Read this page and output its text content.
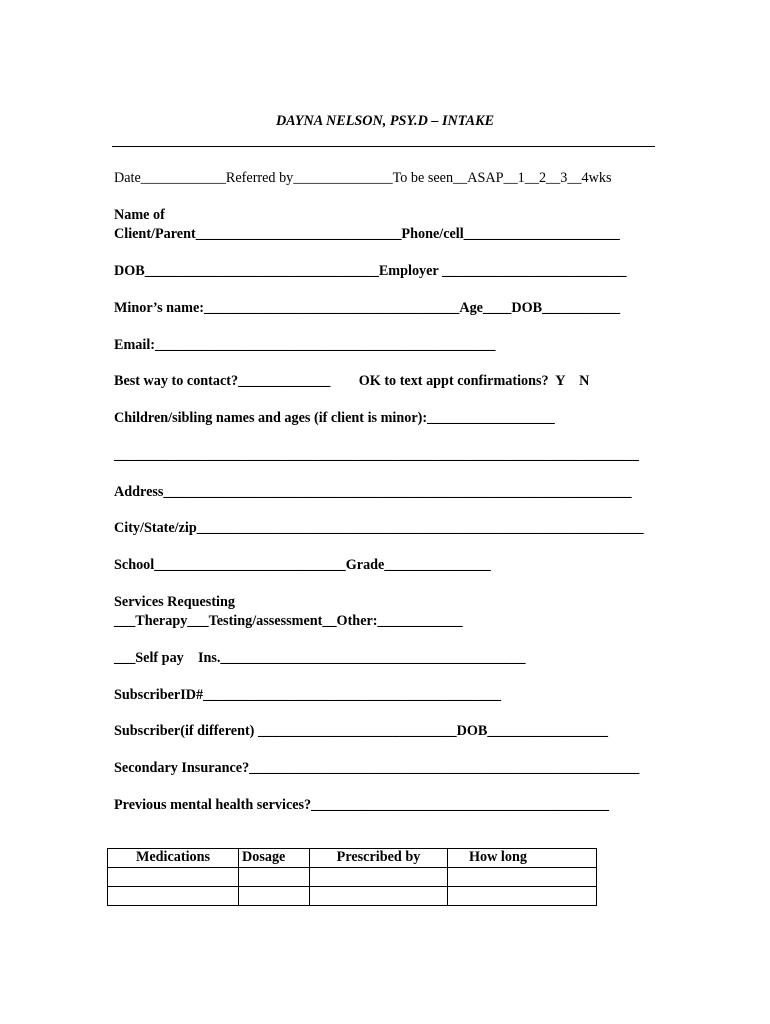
DAYNA NELSON, PSY.D – INTAKE
Date____________Referred by______________To be seen__ASAP__1__2__3__4wks
Name of
Client/Parent_____________________________Phone/cell______________________
DOB_________________________________Employer __________________________
Minor’s name:____________________________________Age____DOB___________
Email:________________________________________________
Best way to contact?_____________        OK to text appt confirmations?  Y    N
Children/sibling names and ages (if client is minor):__________________
__________________________________________________________________________
Address__________________________________________________________________
City/State/zip_______________________________________________________________
School___________________________Grade_______________
Services Requesting
___Therapy___Testing/assessment__Other:____________
___Self pay    Ins.___________________________________________
SubscriberID#__________________________________________
Subscriber(if different) ____________________________DOB_________________
Secondary Insurance?_______________________________________________________
Previous mental health services?__________________________________________
Medications	Dosage	Prescribed by	How long
